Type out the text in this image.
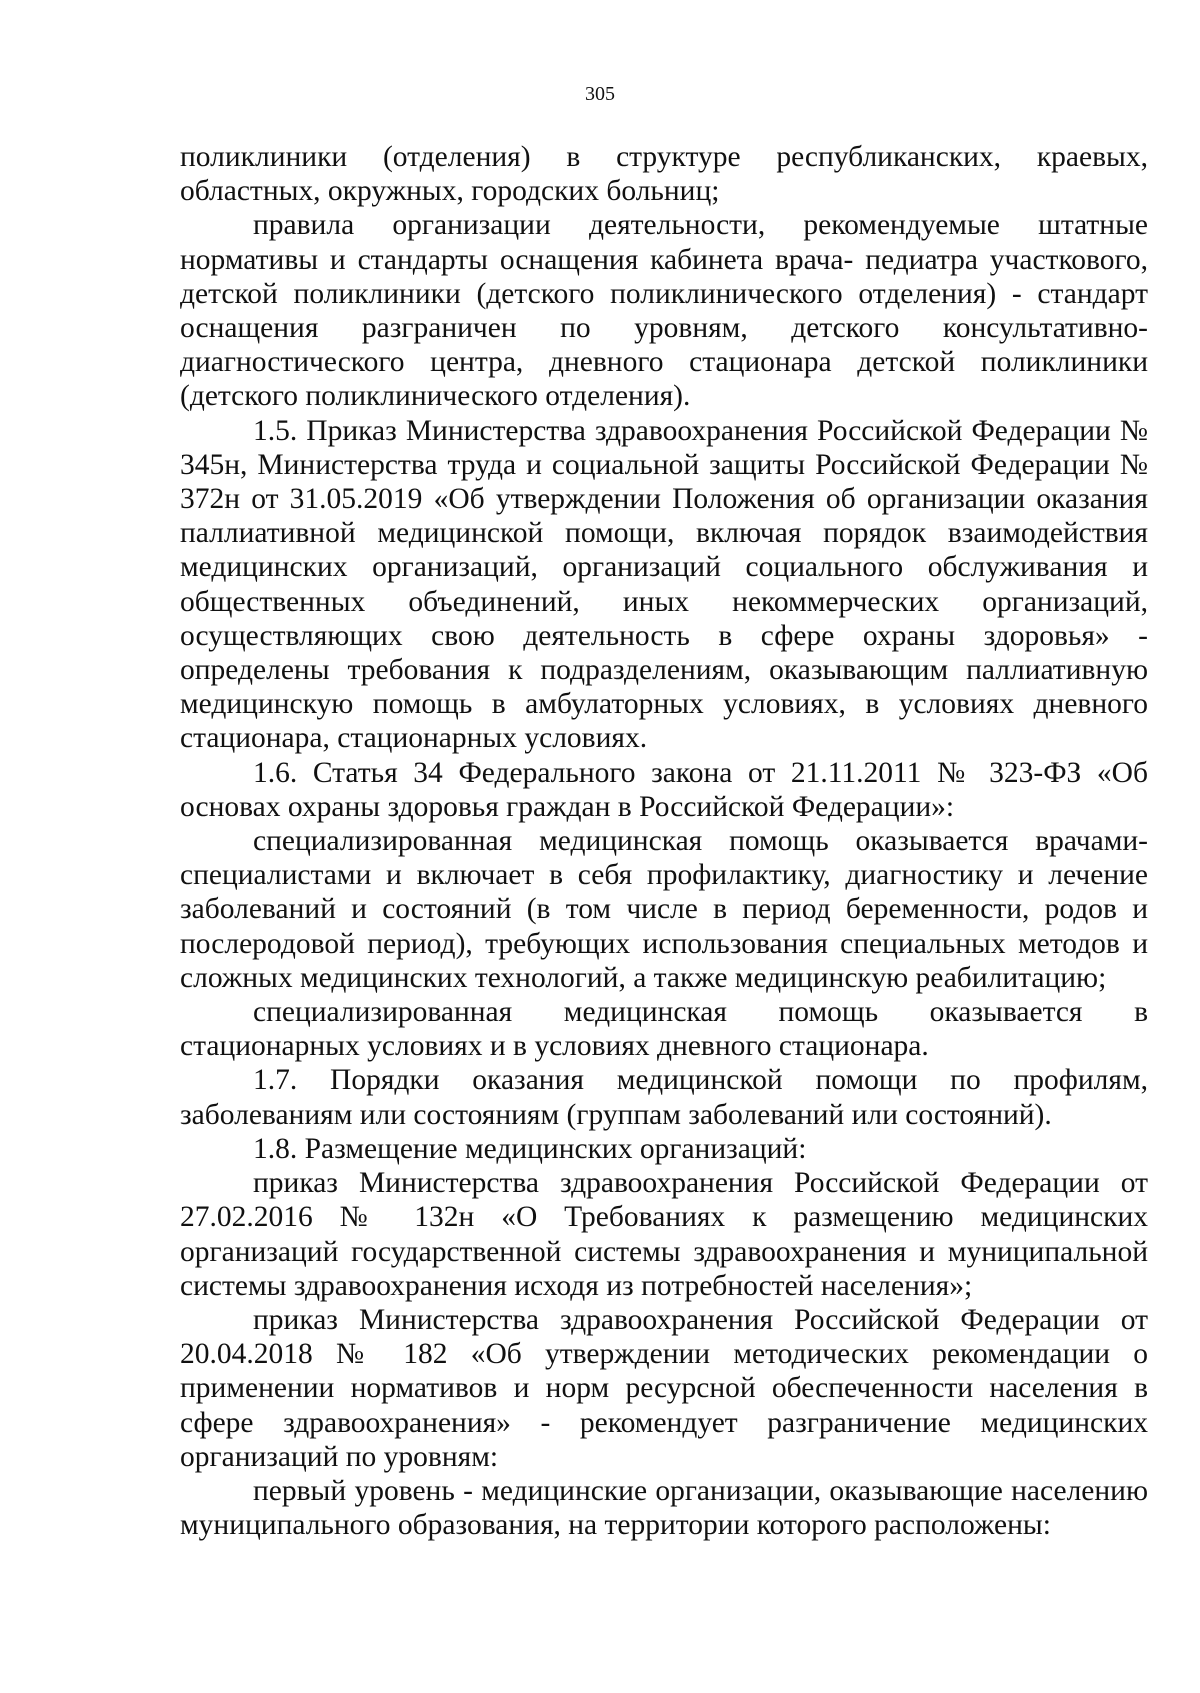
305

поликлиники (отделения) в структуре республиканских, краевых, областных, окружных, городских больниц;

правила организации деятельности, рекомендуемые штатные нормативы и стандарты оснащения кабинета врача- педиатра участкового, детской поликлиники (детского поликлинического отделения) - стандарт оснащения разграничен по уровням, детского консультативно-диагностического центра, дневного стационара детской поликлиники (детского поликлинического отделения).

1.5. Приказ Министерства здравоохранения Российской Федерации № 345н, Министерства труда и социальной защиты Российской Федерации № 372н от 31.05.2019 «Об утверждении Положения об организации оказания паллиативной медицинской помощи, включая порядок взаимодействия медицинских организаций, организаций социального обслуживания и общественных объединений, иных некоммерческих организаций, осуществляющих свою деятельность в сфере охраны здоровья» - определены требования к подразделениям, оказывающим паллиативную медицинскую помощь в амбулаторных условиях, в условиях дневного стационара, стационарных условиях.

1.6. Статья 34 Федерального закона от 21.11.2011 № 323-ФЗ «Об основах охраны здоровья граждан в Российской Федерации»:

специализированная медицинская помощь оказывается врачами-специалистами и включает в себя профилактику, диагностику и лечение заболеваний и состояний (в том числе в период беременности, родов и послеродовой период), требующих использования специальных методов и сложных медицинских технологий, а также медицинскую реабилитацию;

специализированная медицинская помощь оказывается в стационарных условиях и в условиях дневного стационара.

1.7. Порядки оказания медицинской помощи по профилям, заболеваниям или состояниям (группам заболеваний или состояний).

1.8. Размещение медицинских организаций:

приказ Министерства здравоохранения Российской Федерации от 27.02.2016 № 132н «О Требованиях к размещению медицинских организаций государственной системы здравоохранения и муниципальной системы здравоохранения исходя из потребностей населения»;

приказ Министерства здравоохранения Российской Федерации от 20.04.2018 № 182 «Об утверждении методических рекомендации о применении нормативов и норм ресурсной обеспеченности населения в сфере здравоохранения» - рекомендует разграничение медицинских организаций по уровням:

первый уровень - медицинские организации, оказывающие населению муниципального образования, на территории которого расположены:
